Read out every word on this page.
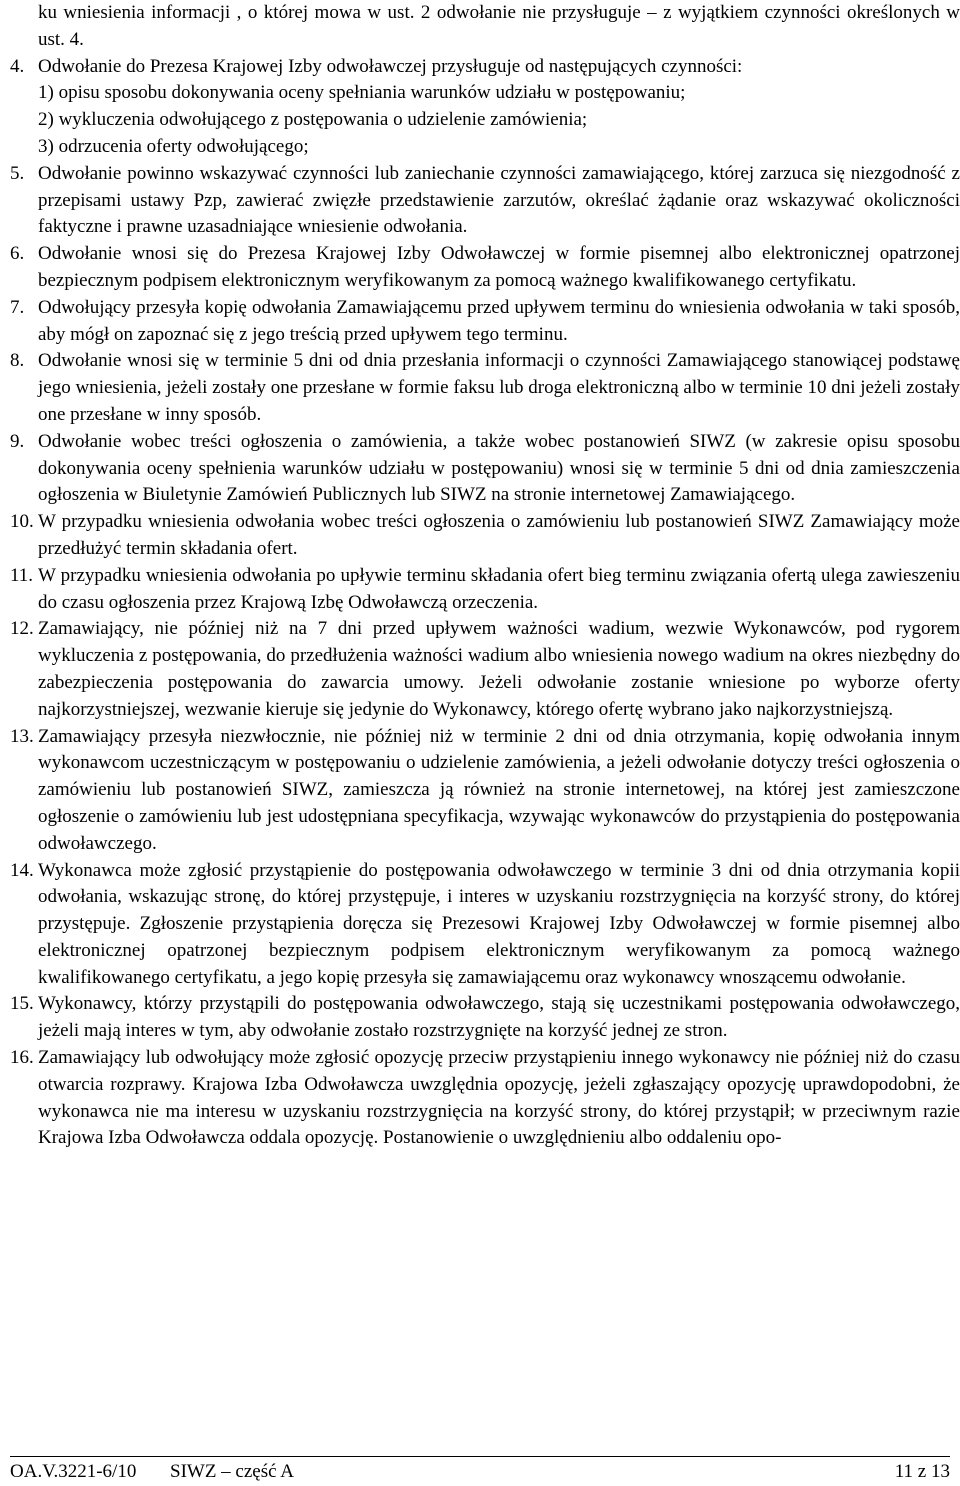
ku wniesienia informacji , o której mowa w ust. 2 odwołanie nie przysługuje – z wyjątkiem czynności określonych w ust. 4.
4. Odwołanie do Prezesa Krajowej Izby odwoławczej przysługuje od następujących czynności:
1) opisu sposobu dokonywania oceny spełniania warunków udziału w postępowaniu;
2) wykluczenia odwołującego z postępowania o udzielenie zamówienia;
3) odrzucenia oferty odwołującego;
5. Odwołanie powinno wskazywać czynności lub zaniechanie czynności zamawiającego, której zarzuca się niezgodność z przepisami ustawy Pzp, zawierać zwięzłe przedstawienie zarzutów, określać żądanie oraz wskazywać okoliczności faktyczne i prawne uzasadniające wniesienie odwołania.
6. Odwołanie wnosi się do Prezesa Krajowej Izby Odwoławczej w formie pisemnej albo elektronicznej opatrzonej bezpiecznym podpisem elektronicznym weryfikowanym za pomocą ważnego kwalifikowanego certyfikatu.
7. Odwołujący przesyła kopię odwołania Zamawiającemu przed upływem terminu do wniesienia odwołania w taki sposób, aby mógł on zapoznać się z jego treścią przed upływem tego terminu.
8. Odwołanie wnosi się w terminie 5 dni od dnia przesłania informacji o czynności Zamawiającego stanowiącej podstawę jego wniesienia, jeżeli zostały one przesłane w formie faksu lub droga elektroniczną albo w terminie 10 dni jeżeli zostały one przesłane w inny sposób.
9. Odwołanie wobec treści ogłoszenia o zamówienia, a także wobec postanowień SIWZ (w zakresie opisu sposobu dokonywania oceny spełnienia warunków udziału w postępowaniu) wnosi się w terminie 5 dni od dnia zamieszczenia ogłoszenia w Biuletynie Zamówień Publicznych lub SIWZ na stronie internetowej Zamawiającego.
10. W przypadku wniesienia odwołania wobec treści ogłoszenia o zamówieniu lub postanowień SIWZ Zamawiający może przedłużyć termin składania ofert.
11. W przypadku wniesienia odwołania po upływie terminu składania ofert bieg terminu związania ofertą ulega zawieszeniu do czasu ogłoszenia przez Krajową Izbę Odwoławczą orzeczenia.
12. Zamawiający, nie później niż na 7 dni przed upływem ważności wadium, wezwie Wykonawców, pod rygorem wykluczenia z postępowania, do przedłużenia ważności wadium albo wniesienia nowego wadium na okres niezbędny do zabezpieczenia postępowania do zawarcia umowy. Jeżeli odwołanie zostanie wniesione po wyborze oferty najkorzystniejszej, wezwanie kieruje się jedynie do Wykonawcy, którego ofertę wybrano jako najkorzystniejszą.
13. Zamawiający przesyła niezwłocznie, nie później niż w terminie 2 dni od dnia otrzymania, kopię odwołania innym wykonawcom uczestniczącym w postępowaniu o udzielenie zamówienia, a jeżeli odwołanie dotyczy treści ogłoszenia o zamówieniu lub postanowień SIWZ, zamieszcza ją również na stronie internetowej, na której jest zamieszczone ogłoszenie o zamówieniu lub jest udostępniana specyfikacja, wzywając wykonawców do przystąpienia do postępowania odwoławczego.
14. Wykonawca może zgłosić przystąpienie do postępowania odwoławczego w terminie 3 dni od dnia otrzymania kopii odwołania, wskazując stronę, do której przystępuje, i interes w uzyskaniu rozstrzygnięcia na korzyść strony, do której przystępuje. Zgłoszenie przystąpienia doręcza się Prezesowi Krajowej Izby Odwoławczej w formie pisemnej albo elektronicznej opatrzonej bezpiecznym podpisem elektronicznym weryfikowanym za pomocą ważnego kwalifikowanego certyfikatu, a jego kopię przesyła się zamawiającemu oraz wykonawcy wnoszącemu odwołanie.
15. Wykonawcy, którzy przystąpili do postępowania odwoławczego, stają się uczestnikami postępowania odwoławczego, jeżeli mają interes w tym, aby odwołanie zostało rozstrzygnięte na korzyść jednej ze stron.
16. Zamawiający lub odwołujący może zgłosić opozycję przeciw przystąpieniu innego wykonawcy nie później niż do czasu otwarcia rozprawy. Krajowa Izba Odwoławcza uwzględnia opozycję, jeżeli zgłaszający opozycję uprawdopodobni, że wykonawca nie ma interesu w uzyskaniu rozstrzygnięcia na korzyść strony, do której przystąpił; w przeciwnym razie Krajowa Izba Odwoławcza oddala opozycję. Postanowienie o uwzględnieniu albo oddaleniu opo-
OA.V.3221-6/10 SIWZ – część A	11 z 13
